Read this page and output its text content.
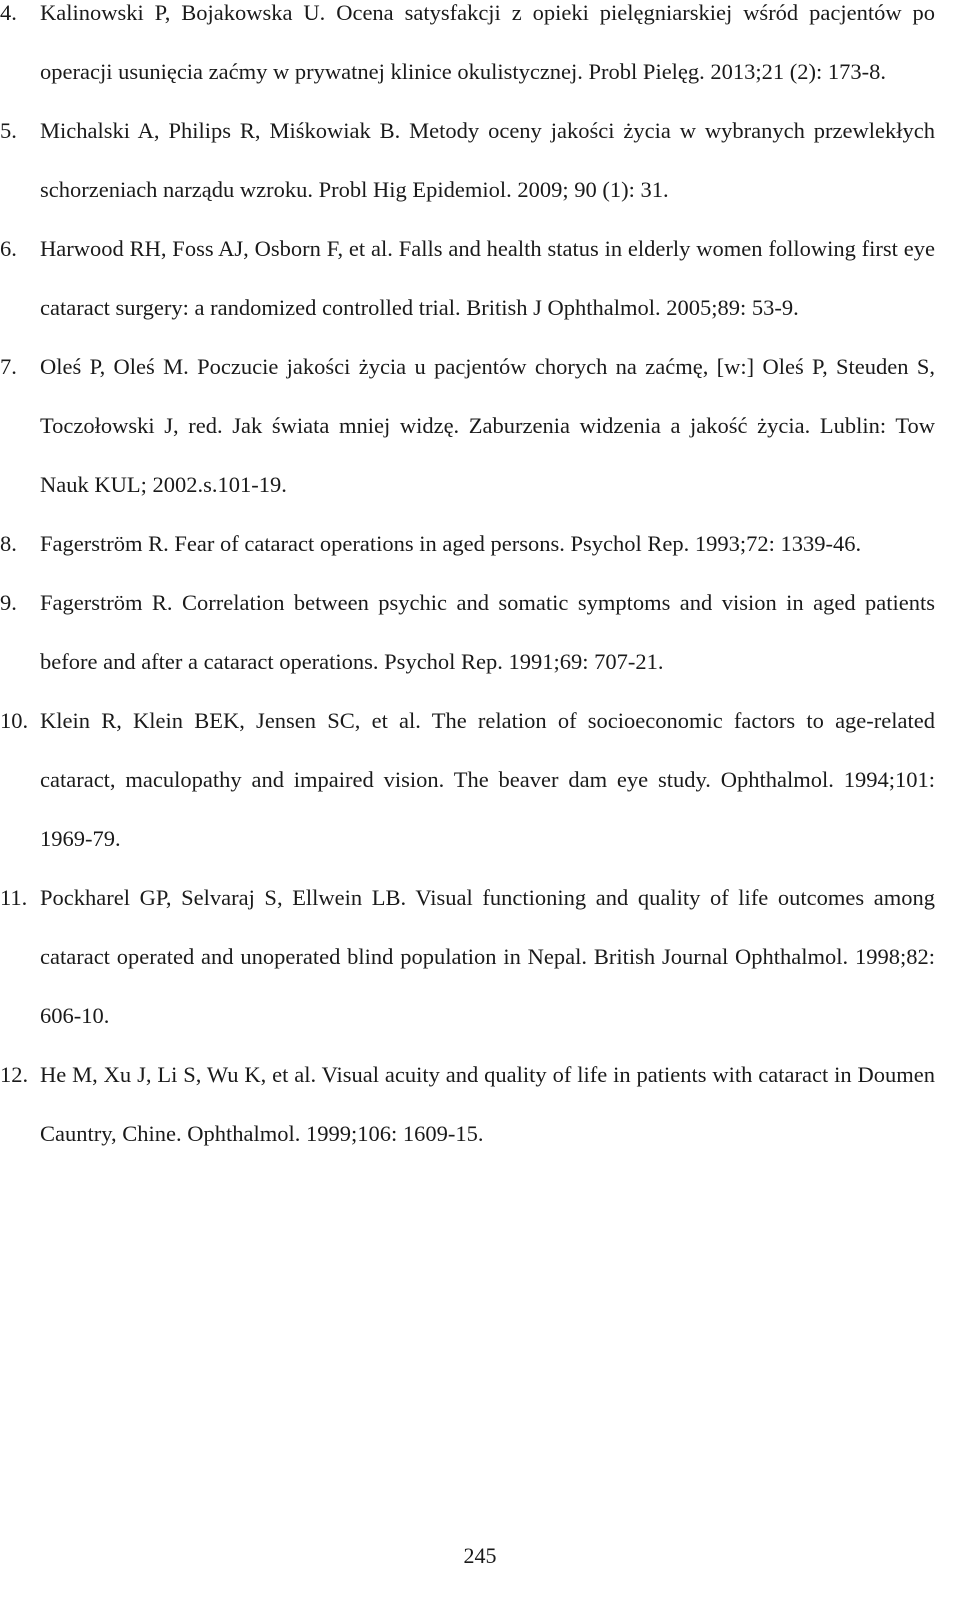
4.	Kalinowski P, Bojakowska U. Ocena satysfakcji z opieki pielęgniarskiej wśród pacjentów po operacji usunięcia zaćmy w prywatnej klinice okulistycznej. Probl Pielęg. 2013;21 (2): 173-8.
5.	Michalski A, Philips R, Miśkowiak B. Metody oceny jakości życia w wybranych przewlekłych schorzeniach narządu wzroku. Probl Hig Epidemiol. 2009; 90 (1): 31.
6.	Harwood RH, Foss AJ, Osborn F, et al. Falls and health status in elderly women following first eye cataract surgery: a randomized controlled trial. British J Ophthalmol. 2005;89: 53-9.
7.	Oleś P, Oleś M. Poczucie jakości życia u pacjentów chorych na zaćmę, [w:] Oleś P, Steuden S, Toczołowski J, red. Jak świata mniej widzę. Zaburzenia widzenia a jakość życia. Lublin: Tow Nauk KUL; 2002.s.101-19.
8.	Fagerström R. Fear of cataract operations in aged persons. Psychol Rep. 1993;72: 1339-46.
9.	Fagerström R. Correlation between psychic and somatic symptoms and vision in aged patients before and after a cataract operations. Psychol Rep. 1991;69: 707-21.
10. Klein R, Klein BEK, Jensen SC, et al. The relation of socioeconomic factors to age-related cataract, maculopathy and impaired vision. The beaver dam eye study. Ophthalmol. 1994;101: 1969-79.
11. Pockharel GP, Selvaraj S, Ellwein LB. Visual functioning and quality of life outcomes among cataract operated and unoperated blind population in Nepal. British Journal Ophthalmol. 1998;82: 606-10.
12. He M, Xu J, Li S, Wu K, et al. Visual acuity and quality of life in patients with cataract in Doumen Cauntry, Chine. Ophthalmol. 1999;106: 1609-15.
245
